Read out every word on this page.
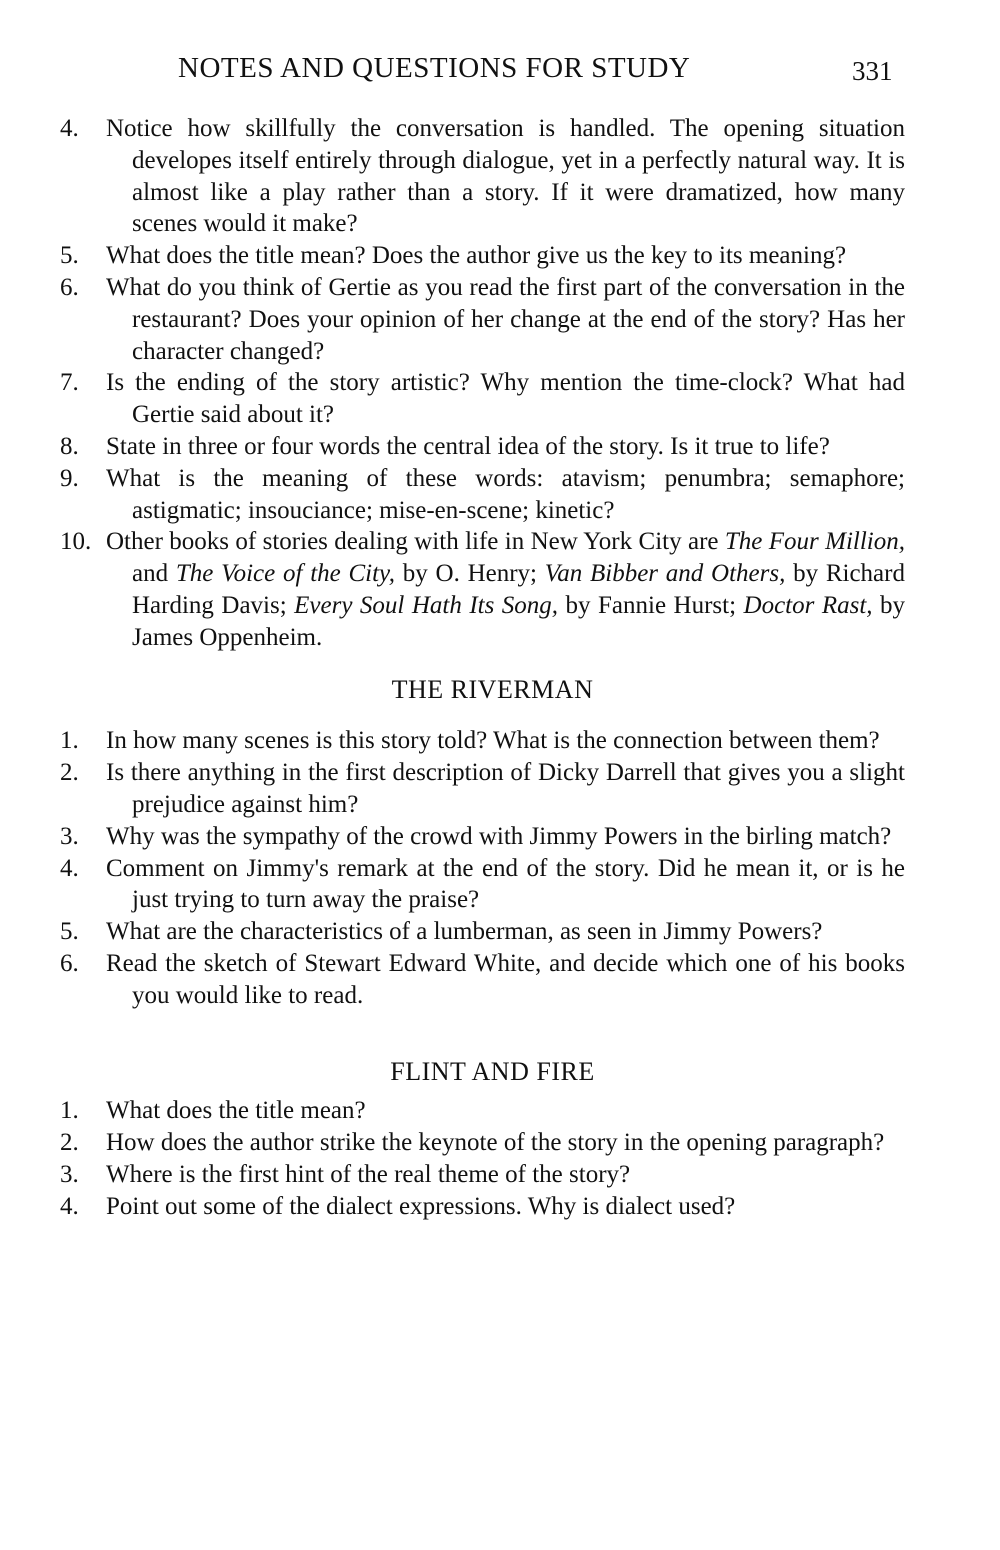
NOTES AND QUESTIONS FOR STUDY	331

4. Notice how skillfully the conversation is handled. The opening situation developes itself entirely through dialogue, yet in a perfectly natural way. It is almost like a play rather than a story. If it were dramatized, how many scenes would it make?

5. What does the title mean? Does the author give us the key to its meaning?

6. What do you think of Gertie as you read the first part of the conversation in the restaurant? Does your opinion of her change at the end of the story? Has her character changed?

7. Is the ending of the story artistic? Why mention the time-clock? What had Gertie said about it?

8. State in three or four words the central idea of the story. Is it true to life?

9. What is the meaning of these words: atavism; penumbra; semaphore; astigmatic; insouciance; mise-en-scene; kinetic?

10. Other books of stories dealing with life in New York City are The Four Million, and The Voice of the City, by O. Henry; Van Bibber and Others, by Richard Harding Davis; Every Soul Hath Its Song, by Fannie Hurst; Doctor Rast, by James Oppenheim.

THE RIVERMAN

1. In how many scenes is this story told? What is the connection between them?

2. Is there anything in the first description of Dicky Darrell that gives you a slight prejudice against him?

3. Why was the sympathy of the crowd with Jimmy Powers in the birling match?

4. Comment on Jimmy's remark at the end of the story. Did he mean it, or is he just trying to turn away the praise?

5. What are the characteristics of a lumberman, as seen in Jimmy Powers?

6. Read the sketch of Stewart Edward White, and decide which one of his books you would like to read.

FLINT AND FIRE

1. What does the title mean?

2. How does the author strike the keynote of the story in the opening paragraph?

3. Where is the first hint of the real theme of the story?

4. Point out some of the dialect expressions. Why is dialect used?
